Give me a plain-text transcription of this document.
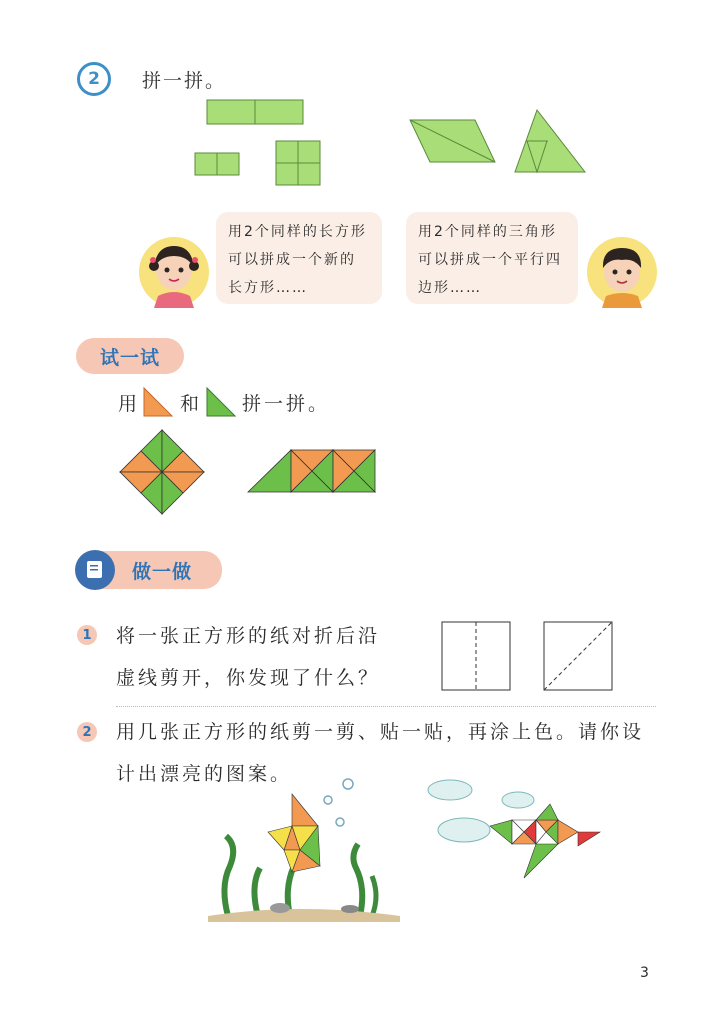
2	拼一拼。
用2个同样的长方形
可以拼成一个新的
长方形……
用2个同样的三角形
可以拼成一个平行四
边形……
试一试
用 和 拼一拼。
做一做
1 将一张正方形的纸对折后沿
虚线剪开，你发现了什么？
2 用几张正方形的纸剪一剪、贴一贴，再涂上色。请你设
计出漂亮的图案。
3
